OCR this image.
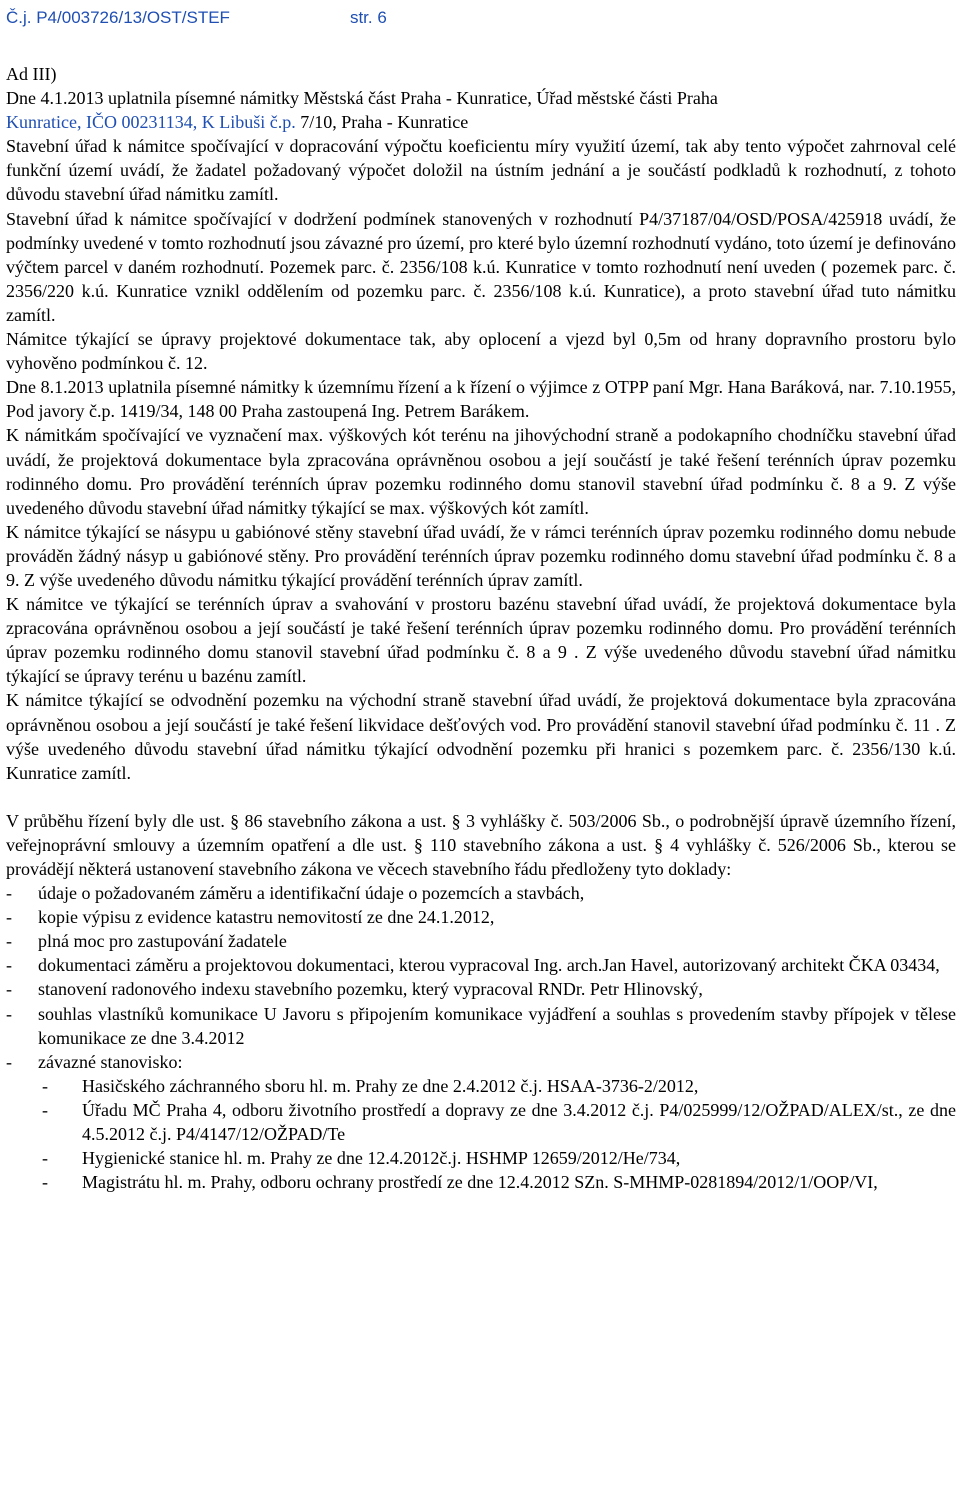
Č.j. P4/003726/13/OST/STEF	str. 6

Ad III)

Dne 4.1.2013 uplatnila písemné námitky Městská část Praha - Kunratice, Úřad městské části Praha
Kunratice, IČO 00231134, K Libuši č.p. 7/10, Praha - Kunratice

Stavební úřad k námitce spočívající v dopracování výpočtu koeficientu míry využití území, tak aby tento výpočet zahrnoval celé funkční území uvádí, že žadatel požadovaný výpočet doložil na ústním jednání a je součástí podkladů k rozhodnutí, z tohoto důvodu stavební úřad námitku zamítl.

Stavební úřad k námitce spočívající v dodržení podmínek stanovených v rozhodnutí P4/37187/04/OSD/POSA/425918 uvádí, že podmínky uvedené v tomto rozhodnutí jsou závazné pro území, pro které bylo územní rozhodnutí vydáno, toto území je definováno výčtem parcel v daném rozhodnutí. Pozemek parc. č. 2356/108 k.ú. Kunratice v tomto rozhodnutí není uveden ( pozemek parc. č. 2356/220 k.ú. Kunratice vznikl oddělením od pozemku parc. č. 2356/108 k.ú. Kunratice), a proto stavební úřad tuto námitku zamítl.

Námitce týkající se úpravy projektové dokumentace tak, aby oplocení a vjezd byl 0,5m od hrany dopravního prostoru bylo vyhověno podmínkou č. 12.

Dne 8.1.2013 uplatnila písemné námitky k územnímu řízení a k řízení o výjimce z OTPP paní Mgr. Hana Baráková, nar. 7.10.1955, Pod javory č.p. 1419/34, 148 00 Praha zastoupená Ing. Petrem Barákem.

K námitkám spočívající ve vyznačení max. výškových kót terénu na jihovýchodní straně a podokapního chodníčku stavební úřad uvádí, že projektová dokumentace byla zpracována oprávněnou osobou a její součástí je také řešení terénních úprav pozemku rodinného domu. Pro provádění terénních úprav pozemku rodinného domu stanovil stavební úřad podmínku č. 8 a 9. Z výše uvedeného důvodu stavební úřad námitky týkající se max. výškových kót zamítl.

K námitce týkající se násypu u gabiónové stěny stavební úřad uvádí, že v rámci terénních úprav pozemku rodinného domu nebude prováděn žádný násyp u gabiónové stěny. Pro provádění terénních úprav pozemku rodinného domu stavební úřad podmínku č. 8 a 9. Z výše uvedeného důvodu námitku týkající provádění terénních úprav zamítl.

K námitce ve týkající se terénních úprav a svahování v prostoru bazénu stavební úřad uvádí, že projektová dokumentace byla zpracována oprávněnou osobou a její součástí je také řešení terénních úprav pozemku rodinného domu. Pro provádění terénních úprav pozemku rodinného domu stanovil stavební úřad podmínku č. 8 a 9 . Z výše uvedeného důvodu stavební úřad námitku týkající se úpravy terénu u bazénu zamítl.

K námitce týkající se odvodnění pozemku na východní straně stavební úřad uvádí, že projektová dokumentace byla zpracována oprávněnou osobou a její součástí je také řešení likvidace dešťových vod. Pro provádění stanovil stavební úřad podmínku č. 11 . Z výše uvedeného důvodu stavební úřad námitku týkající odvodnění pozemku při hranici s pozemkem parc. č. 2356/130 k.ú. Kunratice zamítl.

V průběhu řízení byly dle ust. § 86 stavebního zákona a ust. § 3 vyhlášky č. 503/2006 Sb., o podrobnější úpravě územního řízení, veřejnoprávní smlouvy a územním opatření a dle ust. § 110 stavebního zákona a ust. § 4 vyhlášky č. 526/2006 Sb., kterou se provádějí některá ustanovení stavebního zákona ve věcech stavebního řádu předloženy tyto doklady:

- údaje o požadovaném záměru a identifikační údaje o pozemcích a stavbách,
- kopie výpisu z evidence katastru nemovitostí ze dne 24.1.2012,
- plná moc pro zastupování žadatele
- dokumentaci záměru a projektovou dokumentaci, kterou vypracoval Ing. arch.Jan Havel, autorizovaný architekt ČKA 03434,
- stanovení radonového indexu stavebního pozemku, který vypracoval RNDr. Petr Hlinovský,
- souhlas vlastníků komunikace U Javoru s připojením komunikace vyjádření a souhlas s provedením stavby přípojek v tělese komunikace ze dne 3.4.2012
- závazné stanovisko:
- Hasičského záchranného sboru hl. m. Prahy ze dne 2.4.2012 č.j. HSAA-3736-2/2012,
- Úřadu MČ Praha 4, odboru životního prostředí a dopravy ze dne 3.4.2012 č.j. P4/025999/12/OŽPAD/ALEX/st., ze dne 4.5.2012 č.j. P4/4147/12/OŽPAD/Te
- Hygienické stanice hl. m. Prahy ze dne 12.4.2012č.j. HSHMP 12659/2012/He/734,
- Magistrátu hl. m. Prahy, odboru ochrany prostředí ze dne 12.4.2012 SZn. S-MHMP-0281894/2012/1/OOP/VI,
